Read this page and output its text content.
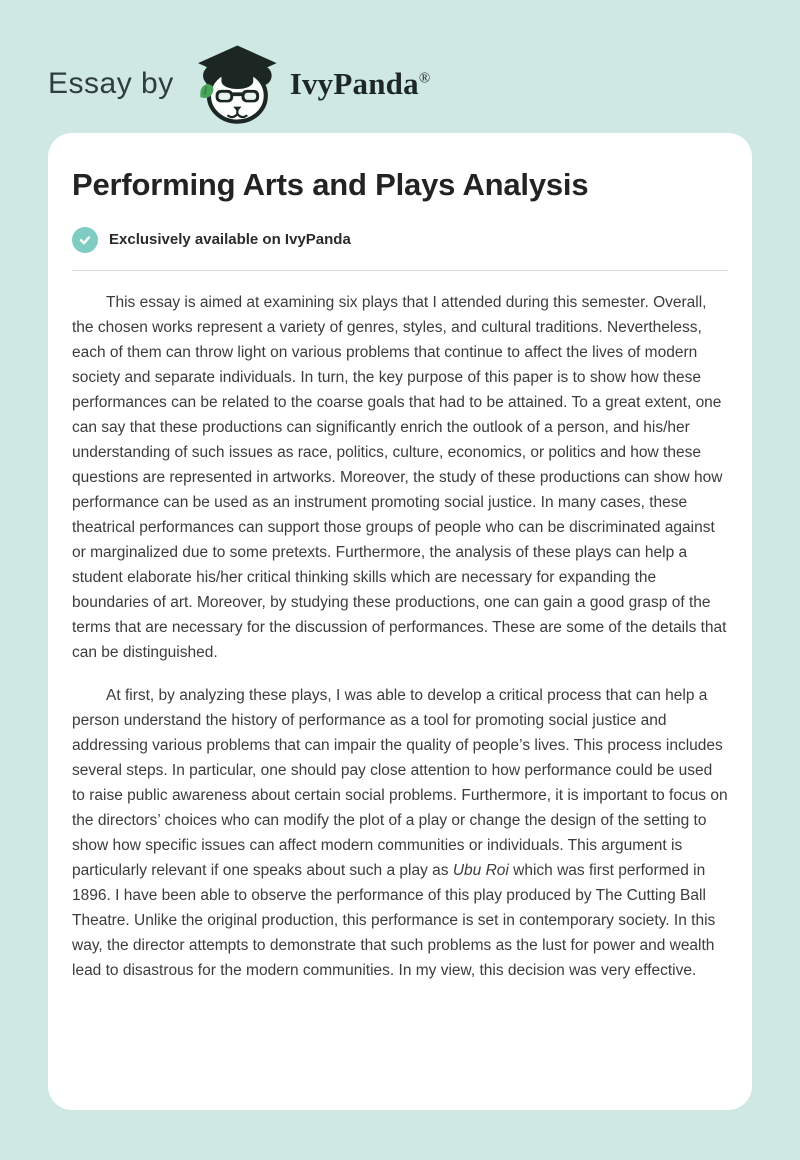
Essay by	IvyPanda®
Performing Arts and Plays Analysis
Exclusively available on IvyPanda

This essay is aimed at examining six plays that I attended during this semester. Overall, the chosen works represent a variety of genres, styles, and cultural traditions. Nevertheless, each of them can throw light on various problems that continue to affect the lives of modern society and separate individuals. In turn, the key purpose of this paper is to show how these performances can be related to the coarse goals that had to be attained. To a great extent, one can say that these productions can significantly enrich the outlook of a person, and his/her understanding of such issues as race, politics, culture, economics, or politics and how these questions are represented in artworks. Moreover, the study of these productions can show how performance can be used as an instrument promoting social justice. In many cases, these theatrical performances can support those groups of people who can be discriminated against or marginalized due to some pretexts. Furthermore, the analysis of these plays can help a student elaborate his/her critical thinking skills which are necessary for expanding the boundaries of art. Moreover, by studying these productions, one can gain a good grasp of the terms that are necessary for the discussion of performances. These are some of the details that can be distinguished.

At first, by analyzing these plays, I was able to develop a critical process that can help a person understand the history of performance as a tool for promoting social justice and addressing various problems that can impair the quality of people’s lives. This process includes several steps. In particular, one should pay close attention to how performance could be used to raise public awareness about certain social problems. Furthermore, it is important to focus on the directors’ choices who can modify the plot of a play or change the design of the setting to show how specific issues can affect modern communities or individuals. This argument is particularly relevant if one speaks about such a play as Ubu Roi which was first performed in 1896. I have been able to observe the performance of this play produced by The Cutting Ball Theatre. Unlike the original production, this performance is set in contemporary society. In this way, the director attempts to demonstrate that such problems as the lust for power and wealth lead to disastrous for the modern communities. In my view, this decision was very effective.
